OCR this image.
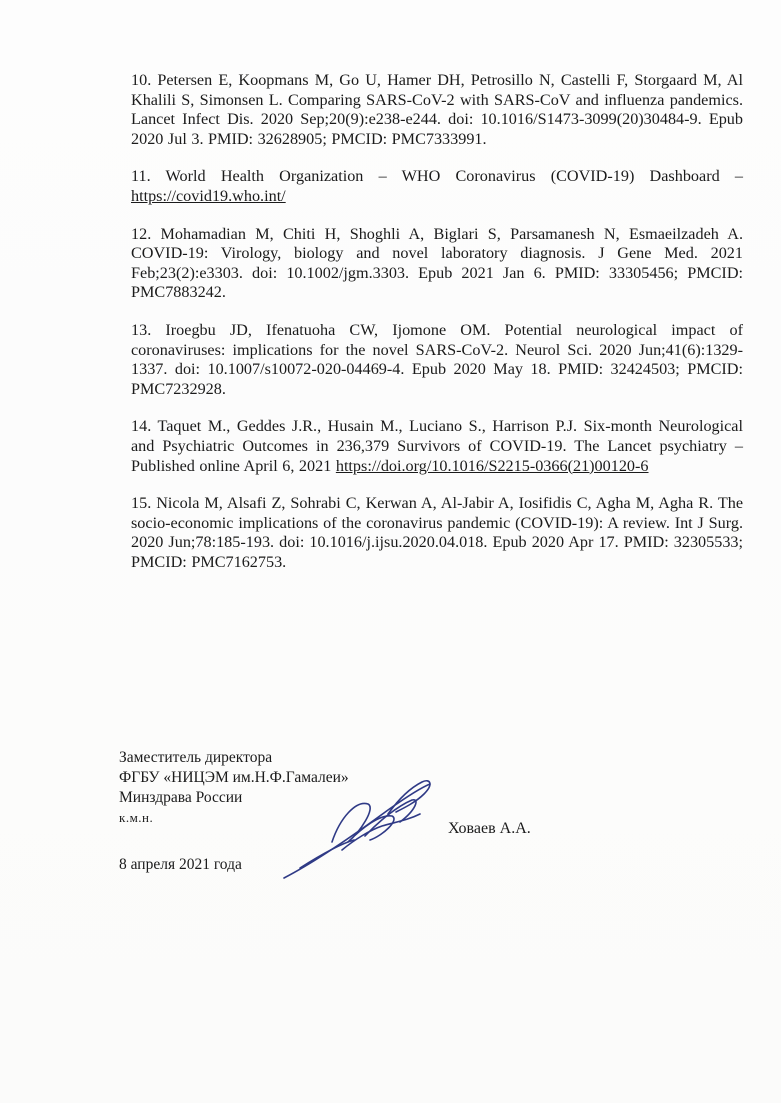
10. Petersen E, Koopmans M, Go U, Hamer DH, Petrosillo N, Castelli F, Storgaard M, Al Khalili S, Simonsen L. Comparing SARS-CoV-2 with SARS-CoV and influenza pandemics. Lancet Infect Dis. 2020 Sep;20(9):e238-e244. doi: 10.1016/S1473-3099(20)30484-9. Epub 2020 Jul 3. PMID: 32628905; PMCID: PMC7333991.

11. World Health Organization – WHO Coronavirus (COVID-19) Dashboard – https://covid19.who.int/

12. Mohamadian M, Chiti H, Shoghli A, Biglari S, Parsamanesh N, Esmaeilzadeh A. COVID-19: Virology, biology and novel laboratory diagnosis. J Gene Med. 2021 Feb;23(2):e3303. doi: 10.1002/jgm.3303. Epub 2021 Jan 6. PMID: 33305456; PMCID: PMC7883242.

13. Iroegbu JD, Ifenatuoha CW, Ijomone OM. Potential neurological impact of coronaviruses: implications for the novel SARS-CoV-2. Neurol Sci. 2020 Jun;41(6):1329-1337. doi: 10.1007/s10072-020-04469-4. Epub 2020 May 18. PMID: 32424503; PMCID: PMC7232928.

14. Taquet M., Geddes J.R., Husain M., Luciano S., Harrison P.J. Six-month Neurological and Psychiatric Outcomes in 236,379 Survivors of COVID-19. The Lancet psychiatry – Published online April 6, 2021 https://doi.org/10.1016/S2215-0366(21)00120-6

15. Nicola M, Alsafi Z, Sohrabi C, Kerwan A, Al-Jabir A, Iosifidis C, Agha M, Agha R. The socio-economic implications of the coronavirus pandemic (COVID-19): A review. Int J Surg. 2020 Jun;78:185-193. doi: 10.1016/j.ijsu.2020.04.018. Epub 2020 Apr 17. PMID: 32305533; PMCID: PMC7162753.

Заместитель директора
ФГБУ «НИЦЭМ им.Н.Ф.Гамалеи»
Минздрава России
к.м.н.
Ховаев А.А.
8 апреля 2021 года
